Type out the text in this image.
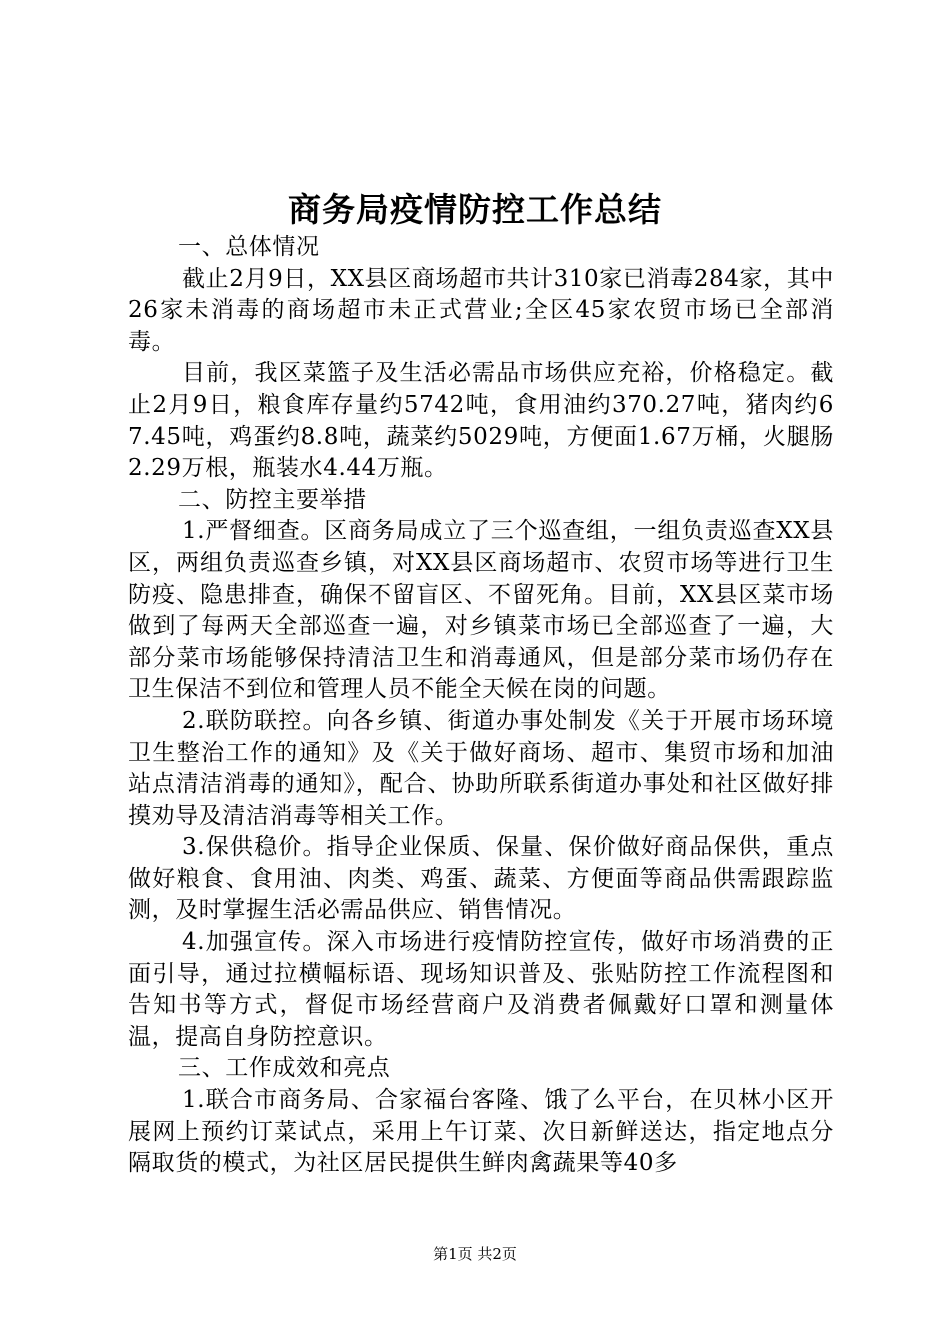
商务局疫情防控工作总结

一、总体情况

截止2月9日，XX县区商场超市共计310家已消毒284家，其中26家未消毒的商场超市未正式营业;全区45家农贸市场已全部消毒。

目前，我区菜篮子及生活必需品市场供应充裕，价格稳定。截止2月9日，粮食库存量约5742吨，食用油约370.27吨，猪肉约67.45吨，鸡蛋约8.8吨，蔬菜约5029吨，方便面1.67万桶，火腿肠2.29万根，瓶装水4.44万瓶。

二、防控主要举措

1.严督细查。区商务局成立了三个巡查组，一组负责巡查XX县区，两组负责巡查乡镇，对XX县区商场超市、农贸市场等进行卫生防疫、隐患排查，确保不留盲区、不留死角。目前，XX县区菜市场做到了每两天全部巡查一遍，对乡镇菜市场已全部巡查了一遍，大部分菜市场能够保持清洁卫生和消毒通风，但是部分菜市场仍存在卫生保洁不到位和管理人员不能全天候在岗的问题。

2.联防联控。向各乡镇、街道办事处制发《关于开展市场环境卫生整治工作的通知》及《关于做好商场、超市、集贸市场和加油站点清洁消毒的通知》，配合、协助所联系街道办事处和社区做好排摸劝导及清洁消毒等相关工作。

3.保供稳价。指导企业保质、保量、保价做好商品保供，重点做好粮食、食用油、肉类、鸡蛋、蔬菜、方便面等商品供需跟踪监测，及时掌握生活必需品供应、销售情况。

4.加强宣传。深入市场进行疫情防控宣传，做好市场消费的正面引导，通过拉横幅标语、现场知识普及、张贴防控工作流程图和告知书等方式，督促市场经营商户及消费者佩戴好口罩和测量体温，提高自身防控意识。

三、工作成效和亮点

1.联合市商务局、合家福台客隆、饿了么平台，在贝林小区开展网上预约订菜试点，采用上午订菜、次日新鲜送达，指定地点分隔取货的模式，为社区居民提供生鲜肉禽蔬果等40多

第1页 共2页
